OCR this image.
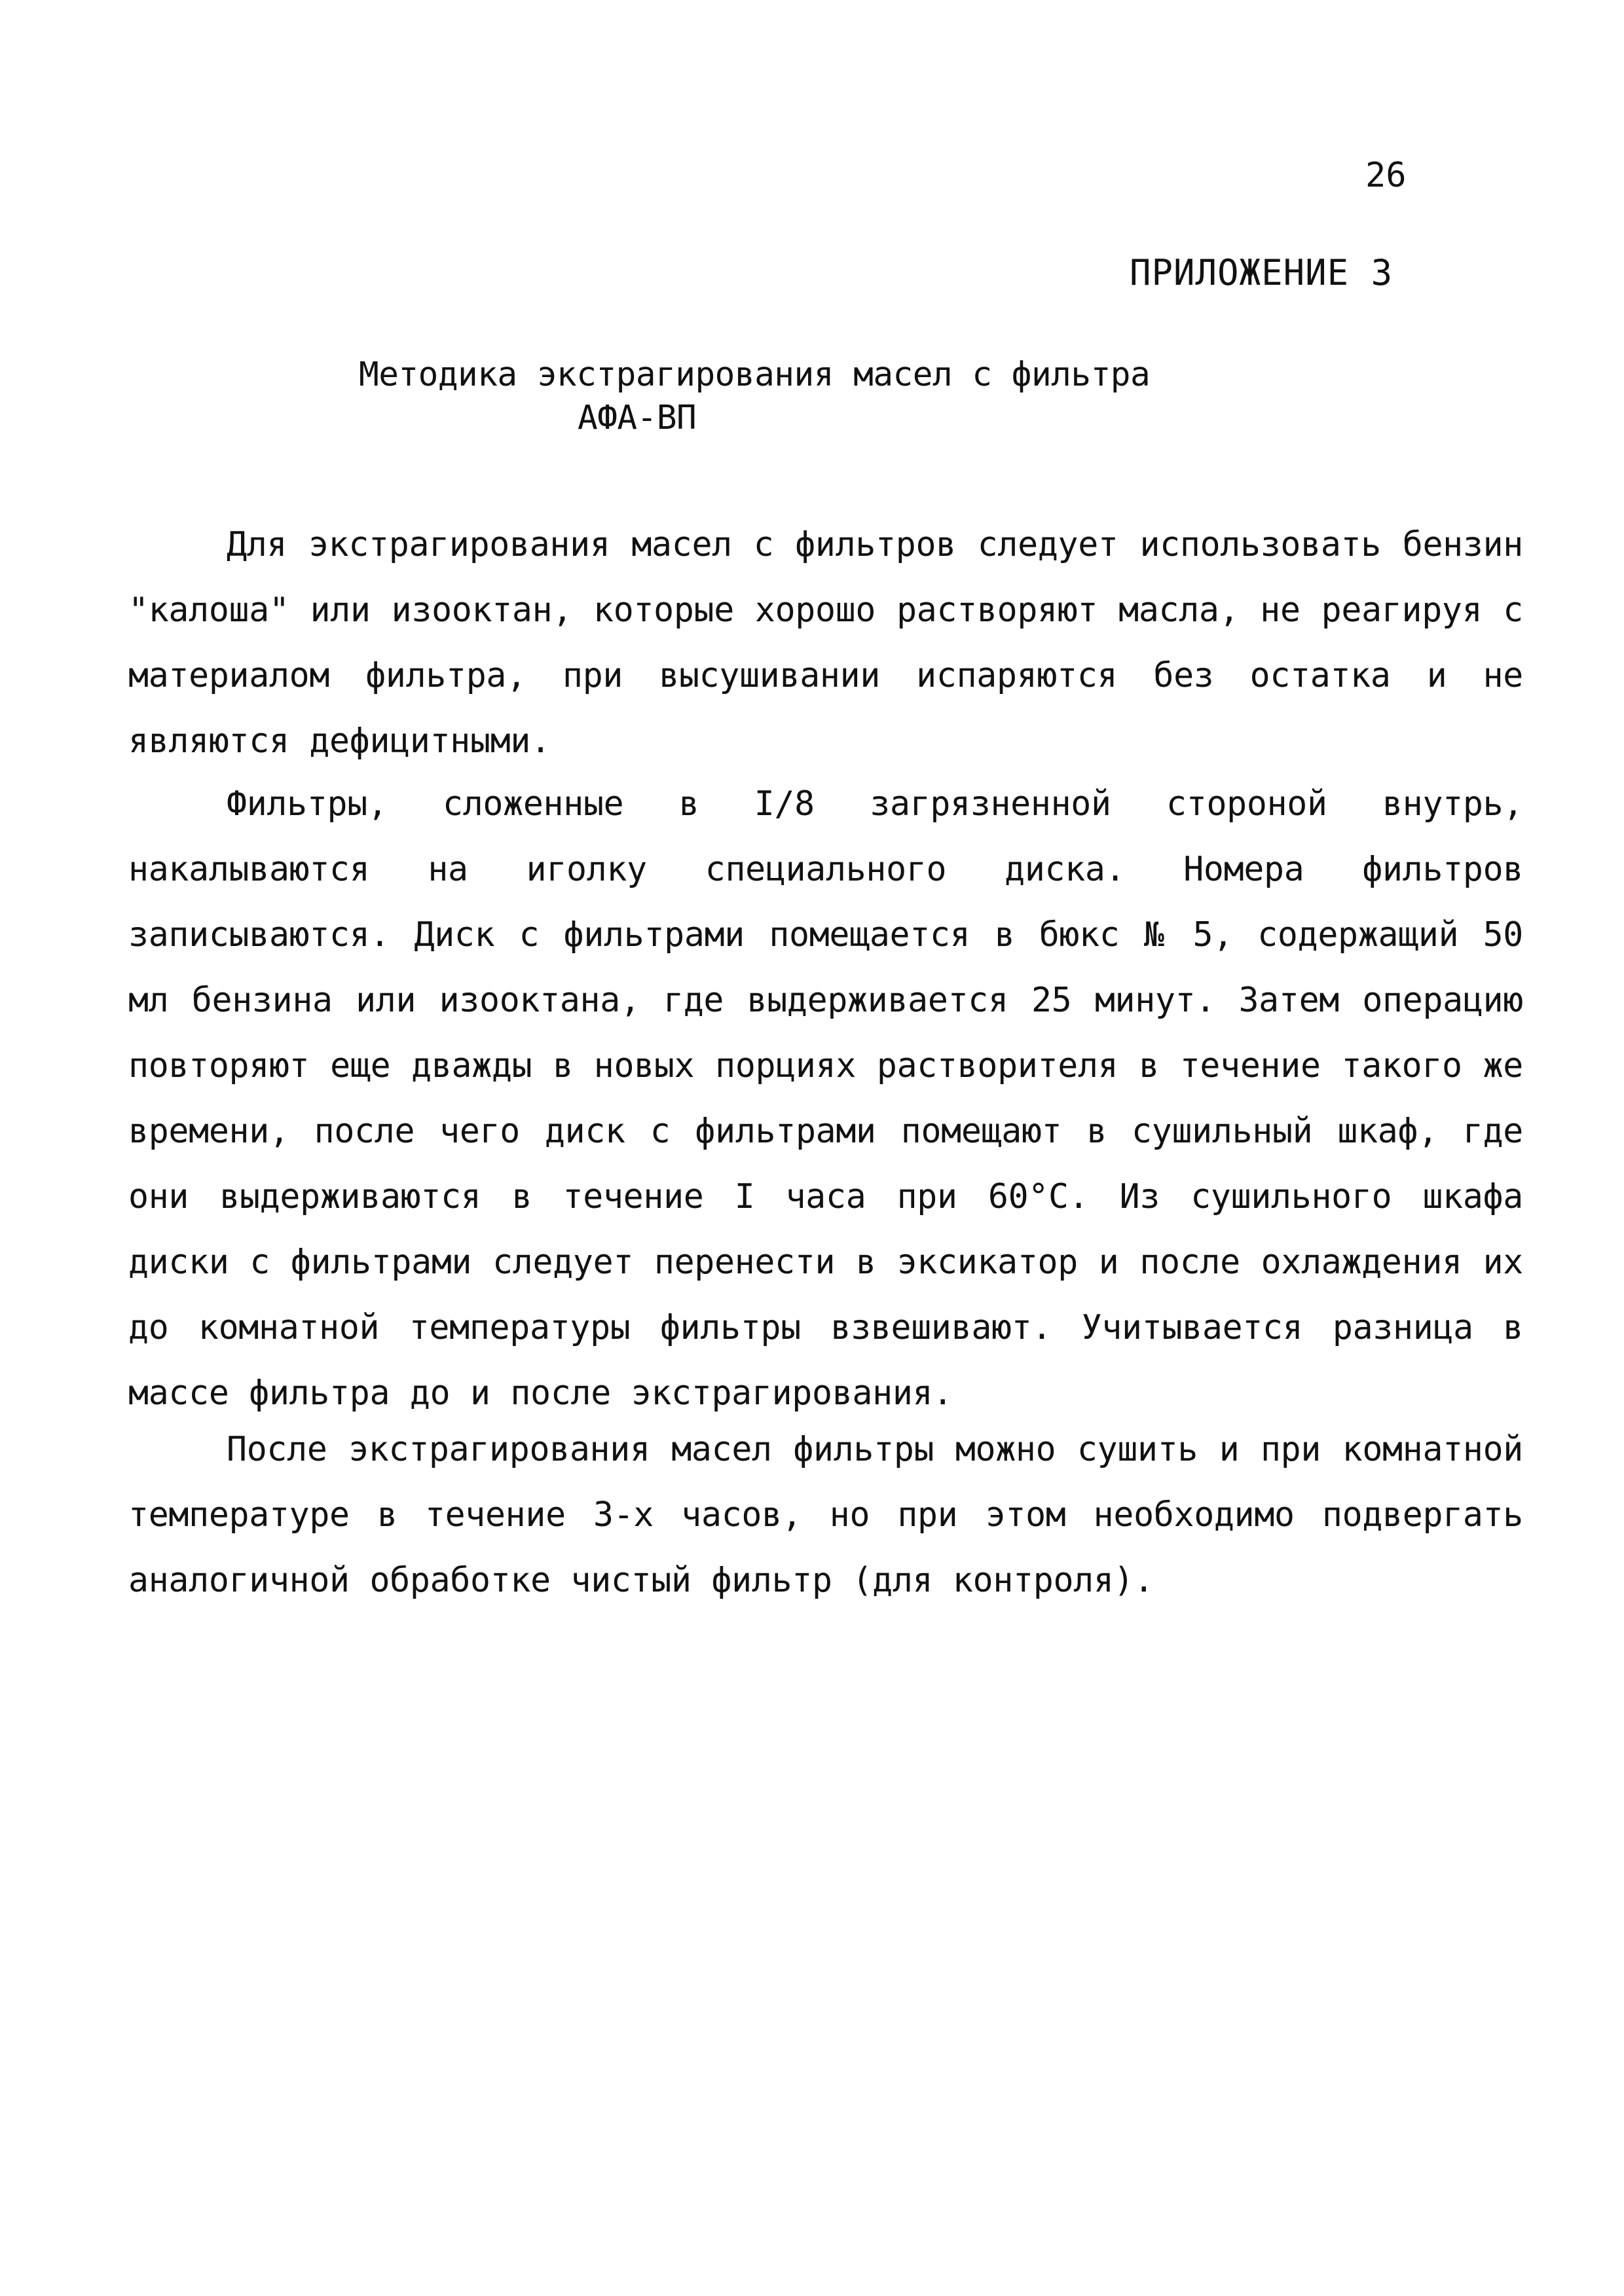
26
ПРИЛОЖЕНИЕ 3
Методика экстрагирования масел с фильтра
АФА-ВП

Для экстрагирования масел с фильтров следует использовать бензин "калоша" или изооктан, которые хорошо растворяют масла, не реагируя с материалом фильтра, при высушивании испаряются без остатка и не являются дефицитными.

Фильтры, сложенные в I/8 загрязненной стороной внутрь, накалываются на иголку специального диска. Номера фильтров записываются. Диск с фильтрами помещается в бюкс № 5, содержащий 50 мл бензина или изооктана, где выдерживается 25 минут. Затем операцию повторяют еще дважды в новых порциях растворителя в течение такого же времени, после чего диск с фильтрами помещают в сушильный шкаф, где они выдерживаются в течение I часа при 60°С. Из сушильного шкафа диски с фильтрами следует перенести в эксикатор и после охлаждения их до комнатной температуры фильтры взвешивают. Учитывается разница в массе фильтра до и после экстрагирования.

После экстрагирования масел фильтры можно сушить и при комнатной температуре в течение 3-х часов, но при этом необходимо подвергать аналогичной обработке чистый фильтр (для контроля).
